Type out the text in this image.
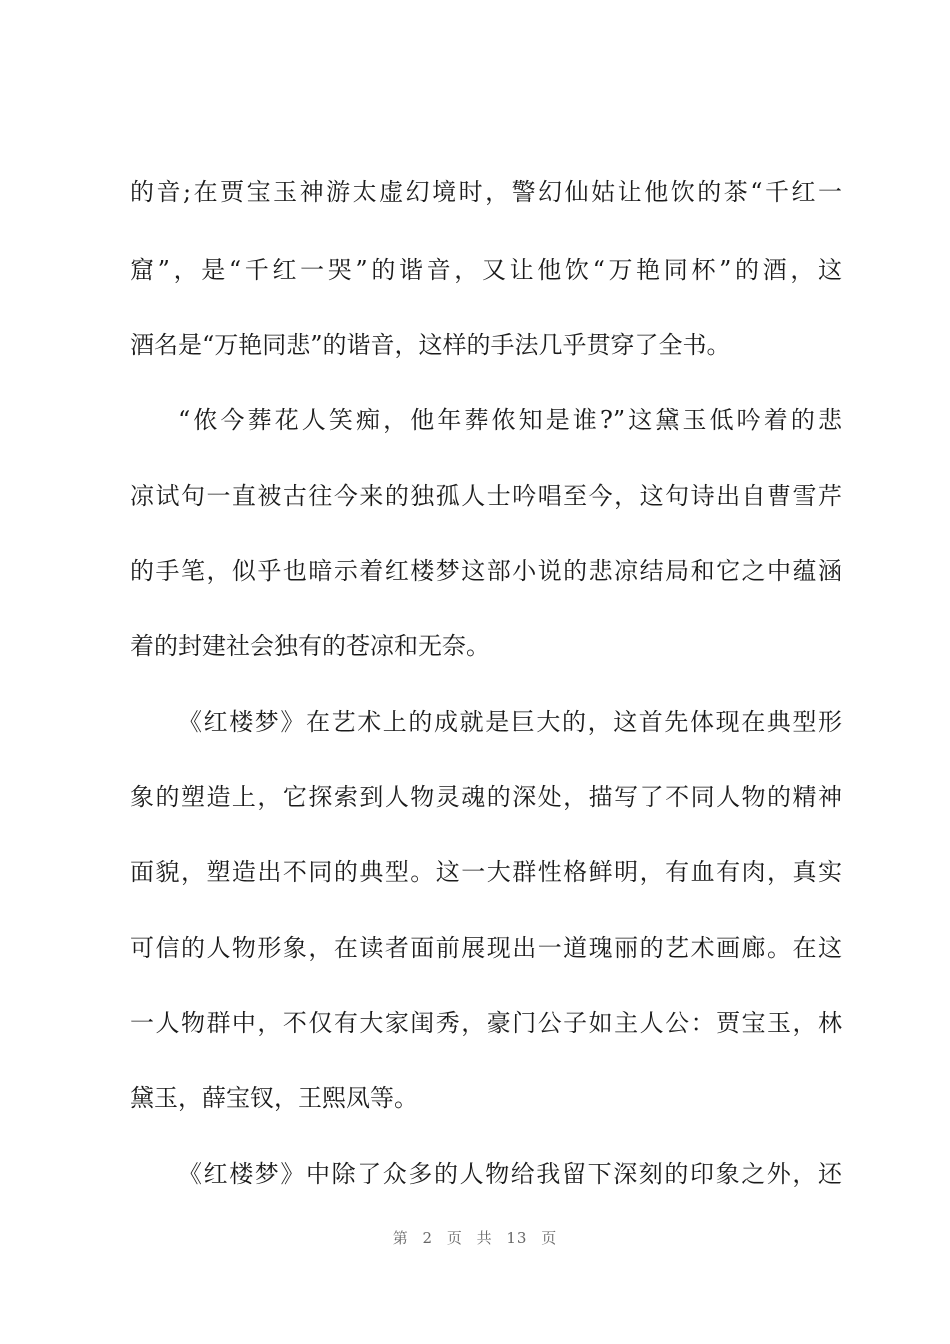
的音;在贾宝玉神游太虚幻境时，警幻仙姑让他饮的茶“千红一
窟”，是“千红一哭”的谐音，又让他饮“万艳同杯”的酒，这
酒名是“万艳同悲”的谐音，这样的手法几乎贯穿了全书。
“侬今葬花人笑痴，他年葬侬知是谁?”这黛玉低吟着的悲
凉试句一直被古往今来的独孤人士吟唱至今，这句诗出自曹雪芹
的手笔，似乎也暗示着红楼梦这部小说的悲凉结局和它之中蕴涵
着的封建社会独有的苍凉和无奈。
《红楼梦》在艺术上的成就是巨大的，这首先体现在典型形
象的塑造上，它探索到人物灵魂的深处，描写了不同人物的精神
面貌，塑造出不同的典型。这一大群性格鲜明，有血有肉，真实
可信的人物形象，在读者面前展现出一道瑰丽的艺术画廊。在这
一人物群中，不仅有大家闺秀，豪门公子如主人公：贾宝玉，林
黛玉，薛宝钗，王熙凤等。
《红楼梦》中除了众多的人物给我留下深刻的印象之外，还
第 2 页 共 13 页
